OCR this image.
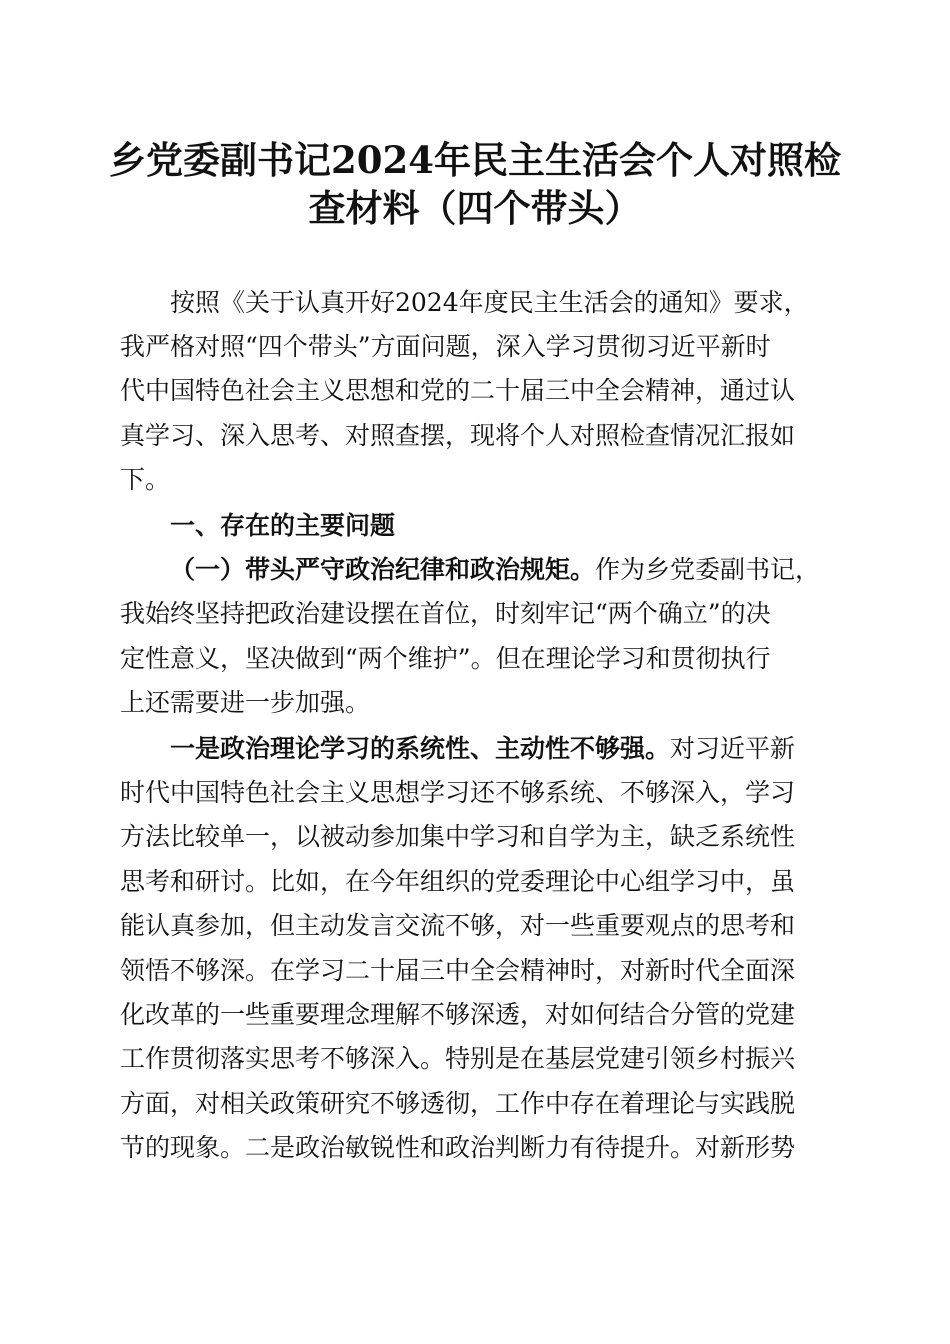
乡党委副书记2024年民主生活会个人对照检
查材料（四个带头）
按照《关于认真开好2024年度民主生活会的通知》要求，
我严格对照“四个带头”方面问题，深入学习贯彻习近平新时
代中国特色社会主义思想和党的二十届三中全会精神，通过认
真学习、深入思考、对照查摆，现将个人对照检查情况汇报如
下。
一、存在的主要问题
（一）带头严守政治纪律和政治规矩。作为乡党委副书记，
我始终坚持把政治建设摆在首位，时刻牢记“两个确立”的决
定性意义，坚决做到“两个维护”。但在理论学习和贯彻执行
上还需要进一步加强。
一是政治理论学习的系统性、主动性不够强。对习近平新
时代中国特色社会主义思想学习还不够系统、不够深入，学习
方法比较单一，以被动参加集中学习和自学为主，缺乏系统性
思考和研讨。比如，在今年组织的党委理论中心组学习中，虽
能认真参加，但主动发言交流不够，对一些重要观点的思考和
领悟不够深。在学习二十届三中全会精神时，对新时代全面深
化改革的一些重要理念理解不够深透，对如何结合分管的党建
工作贯彻落实思考不够深入。特别是在基层党建引领乡村振兴
方面，对相关政策研究不够透彻，工作中存在着理论与实践脱
节的现象。二是政治敏锐性和政治判断力有待提升。对新形势
